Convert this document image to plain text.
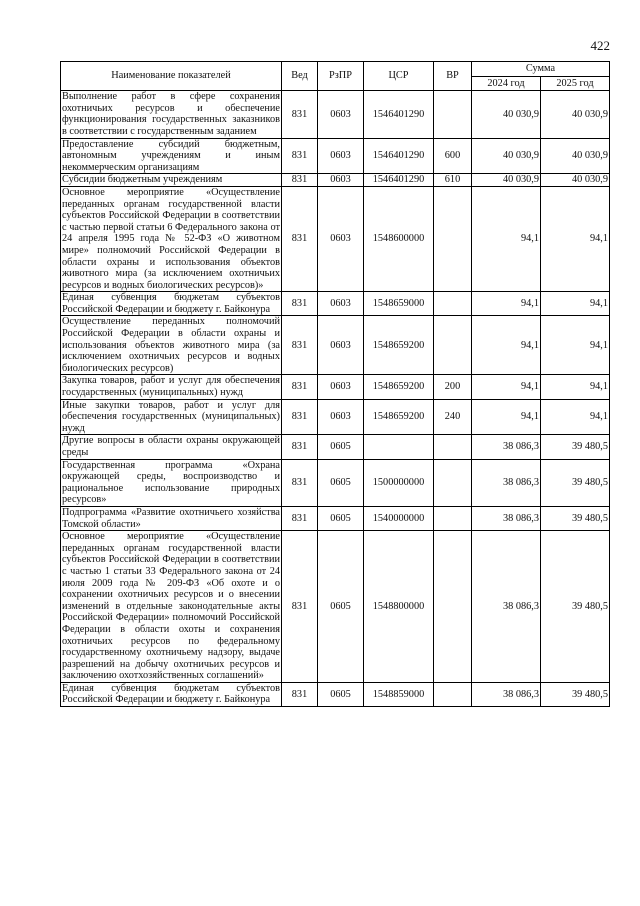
422
Наименование показателей	Вед	РзПР	ЦСР	ВР	Сумма	
					2024 год	2025 год
Выполнение работ в сфере сохранения охотничьих ресурсов и обеспечение функционирования государственных заказников в соответствии с государственным заданием	831	0603	1546401290		40 030,9	40 030,9
Предоставление субсидий бюджетным, автономным учреждениям и иным некоммерческим организациям	831	0603	1546401290	600	40 030,9	40 030,9
Субсидии бюджетным учреждениям	831	0603	1546401290	610	40 030,9	40 030,9
Основное мероприятие «Осуществление переданных органам государственной власти субъектов Российской Федерации в соответствии с частью первой статьи 6 Федерального закона от 24 апреля 1995 года № 52-ФЗ «О животном мире» полномочий Российской Федерации в области охраны и использования объектов животного мира (за исключением охотничьих ресурсов и водных биологических ресурсов)»	831	0603	1548600000		94,1	94,1
Единая субвенция бюджетам субъектов Российской Федерации и бюджету г. Байконура	831	0603	1548659000		94,1	94,1
Осуществление переданных полномочий Российской Федерации в области охраны и использования объектов животного мира (за исключением охотничьих ресурсов и водных биологических ресурсов)	831	0603	1548659200		94,1	94,1
Закупка товаров, работ и услуг для обеспечения государственных (муниципальных) нужд	831	0603	1548659200	200	94,1	94,1
Иные закупки товаров, работ и услуг для обеспечения государственных (муниципальных) нужд	831	0603	1548659200	240	94,1	94,1
Другие вопросы в области охраны окружающей среды	831	0605			38 086,3	39 480,5
Государственная программа «Охрана окружающей среды, воспроизводство и рациональное использование природных ресурсов»	831	0605	1500000000		38 086,3	39 480,5
Подпрограмма «Развитие охотничьего хозяйства Томской области»	831	0605	1540000000		38 086,3	39 480,5
Основное мероприятие «Осуществление переданных органам государственной власти субъектов Российской Федерации в соответствии с частью 1 статьи 33 Федерального закона от 24 июля 2009 года № 209-ФЗ «Об охоте и о сохранении охотничьих ресурсов и о внесении изменений в отдельные законодательные акты Российской Федерации» полномочий Российской Федерации в области охоты и сохранения охотничьих ресурсов по федеральному государственному охотничьему надзору, выдаче разрешений на добычу охотничьих ресурсов и заключению охотхозяйственных соглашений»	831	0605	1548800000		38 086,3	39 480,5
Единая субвенция бюджетам субъектов Российской Федерации и бюджету г. Байконура	831	0605	1548859000		38 086,3	39 480,5
